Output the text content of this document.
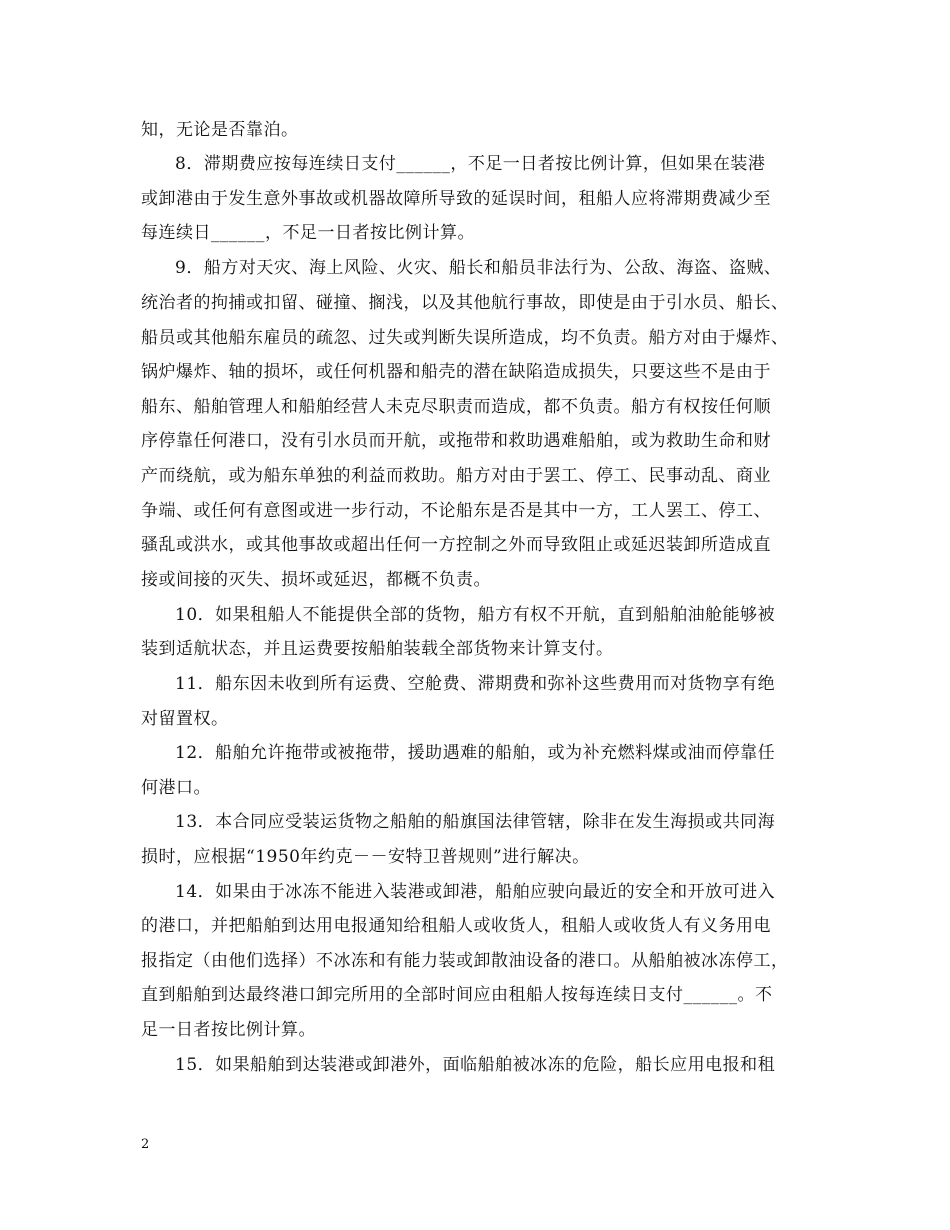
知，无论是否靠泊。
8．滞期费应按每连续日支付______，不足一日者按比例计算，但如果在装港
或卸港由于发生意外事故或机器故障所导致的延误时间，租船人应将滞期费减少至
每连续日______，不足一日者按比例计算。
9．船方对天灾、海上风险、火灾、船长和船员非法行为、公敌、海盗、盗贼、
统治者的拘捕或扣留、碰撞、搁浅，以及其他航行事故，即使是由于引水员、船长、
船员或其他船东雇员的疏忽、过失或判断失误所造成，均不负责。船方对由于爆炸、
锅炉爆炸、轴的损坏，或任何机器和船壳的潜在缺陷造成损失，只要这些不是由于
船东、船舶管理人和船舶经营人未克尽职责而造成，都不负责。船方有权按任何顺
序停靠任何港口，没有引水员而开航，或拖带和救助遇难船舶，或为救助生命和财
产而绕航，或为船东单独的利益而救助。船方对由于罢工、停工、民事动乱、商业
争端、或任何有意图或进一步行动，不论船东是否是其中一方，工人罢工、停工、
骚乱或洪水，或其他事故或超出任何一方控制之外而导致阻止或延迟装卸所造成直
接或间接的灭失、损坏或延迟，都概不负责。
10．如果租船人不能提供全部的货物，船方有权不开航，直到船舶油舱能够被
装到适航状态，并且运费要按船舶装载全部货物来计算支付。
11．船东因未收到所有运费、空舱费、滞期费和弥补这些费用而对货物享有绝
对留置权。
12．船舶允许拖带或被拖带，援助遇难的船舶，或为补充燃料煤或油而停靠任
何港口。
13．本合同应受装运货物之船舶的船旗国法律管辖，除非在发生海损或共同海
损时，应根据“1950年约克－－安特卫普规则”进行解决。
14．如果由于冰冻不能进入装港或卸港，船舶应驶向最近的安全和开放可进入
的港口，并把船舶到达用电报通知给租船人或收货人，租船人或收货人有义务用电
报指定（由他们选择）不冰冻和有能力装或卸散油设备的港口。从船舶被冰冻停工，
直到船舶到达最终港口卸完所用的全部时间应由租船人按每连续日支付______。不
足一日者按比例计算。
15．如果船舶到达装港或卸港外，面临船舶被冰冻的危险，船长应用电报和租
2
